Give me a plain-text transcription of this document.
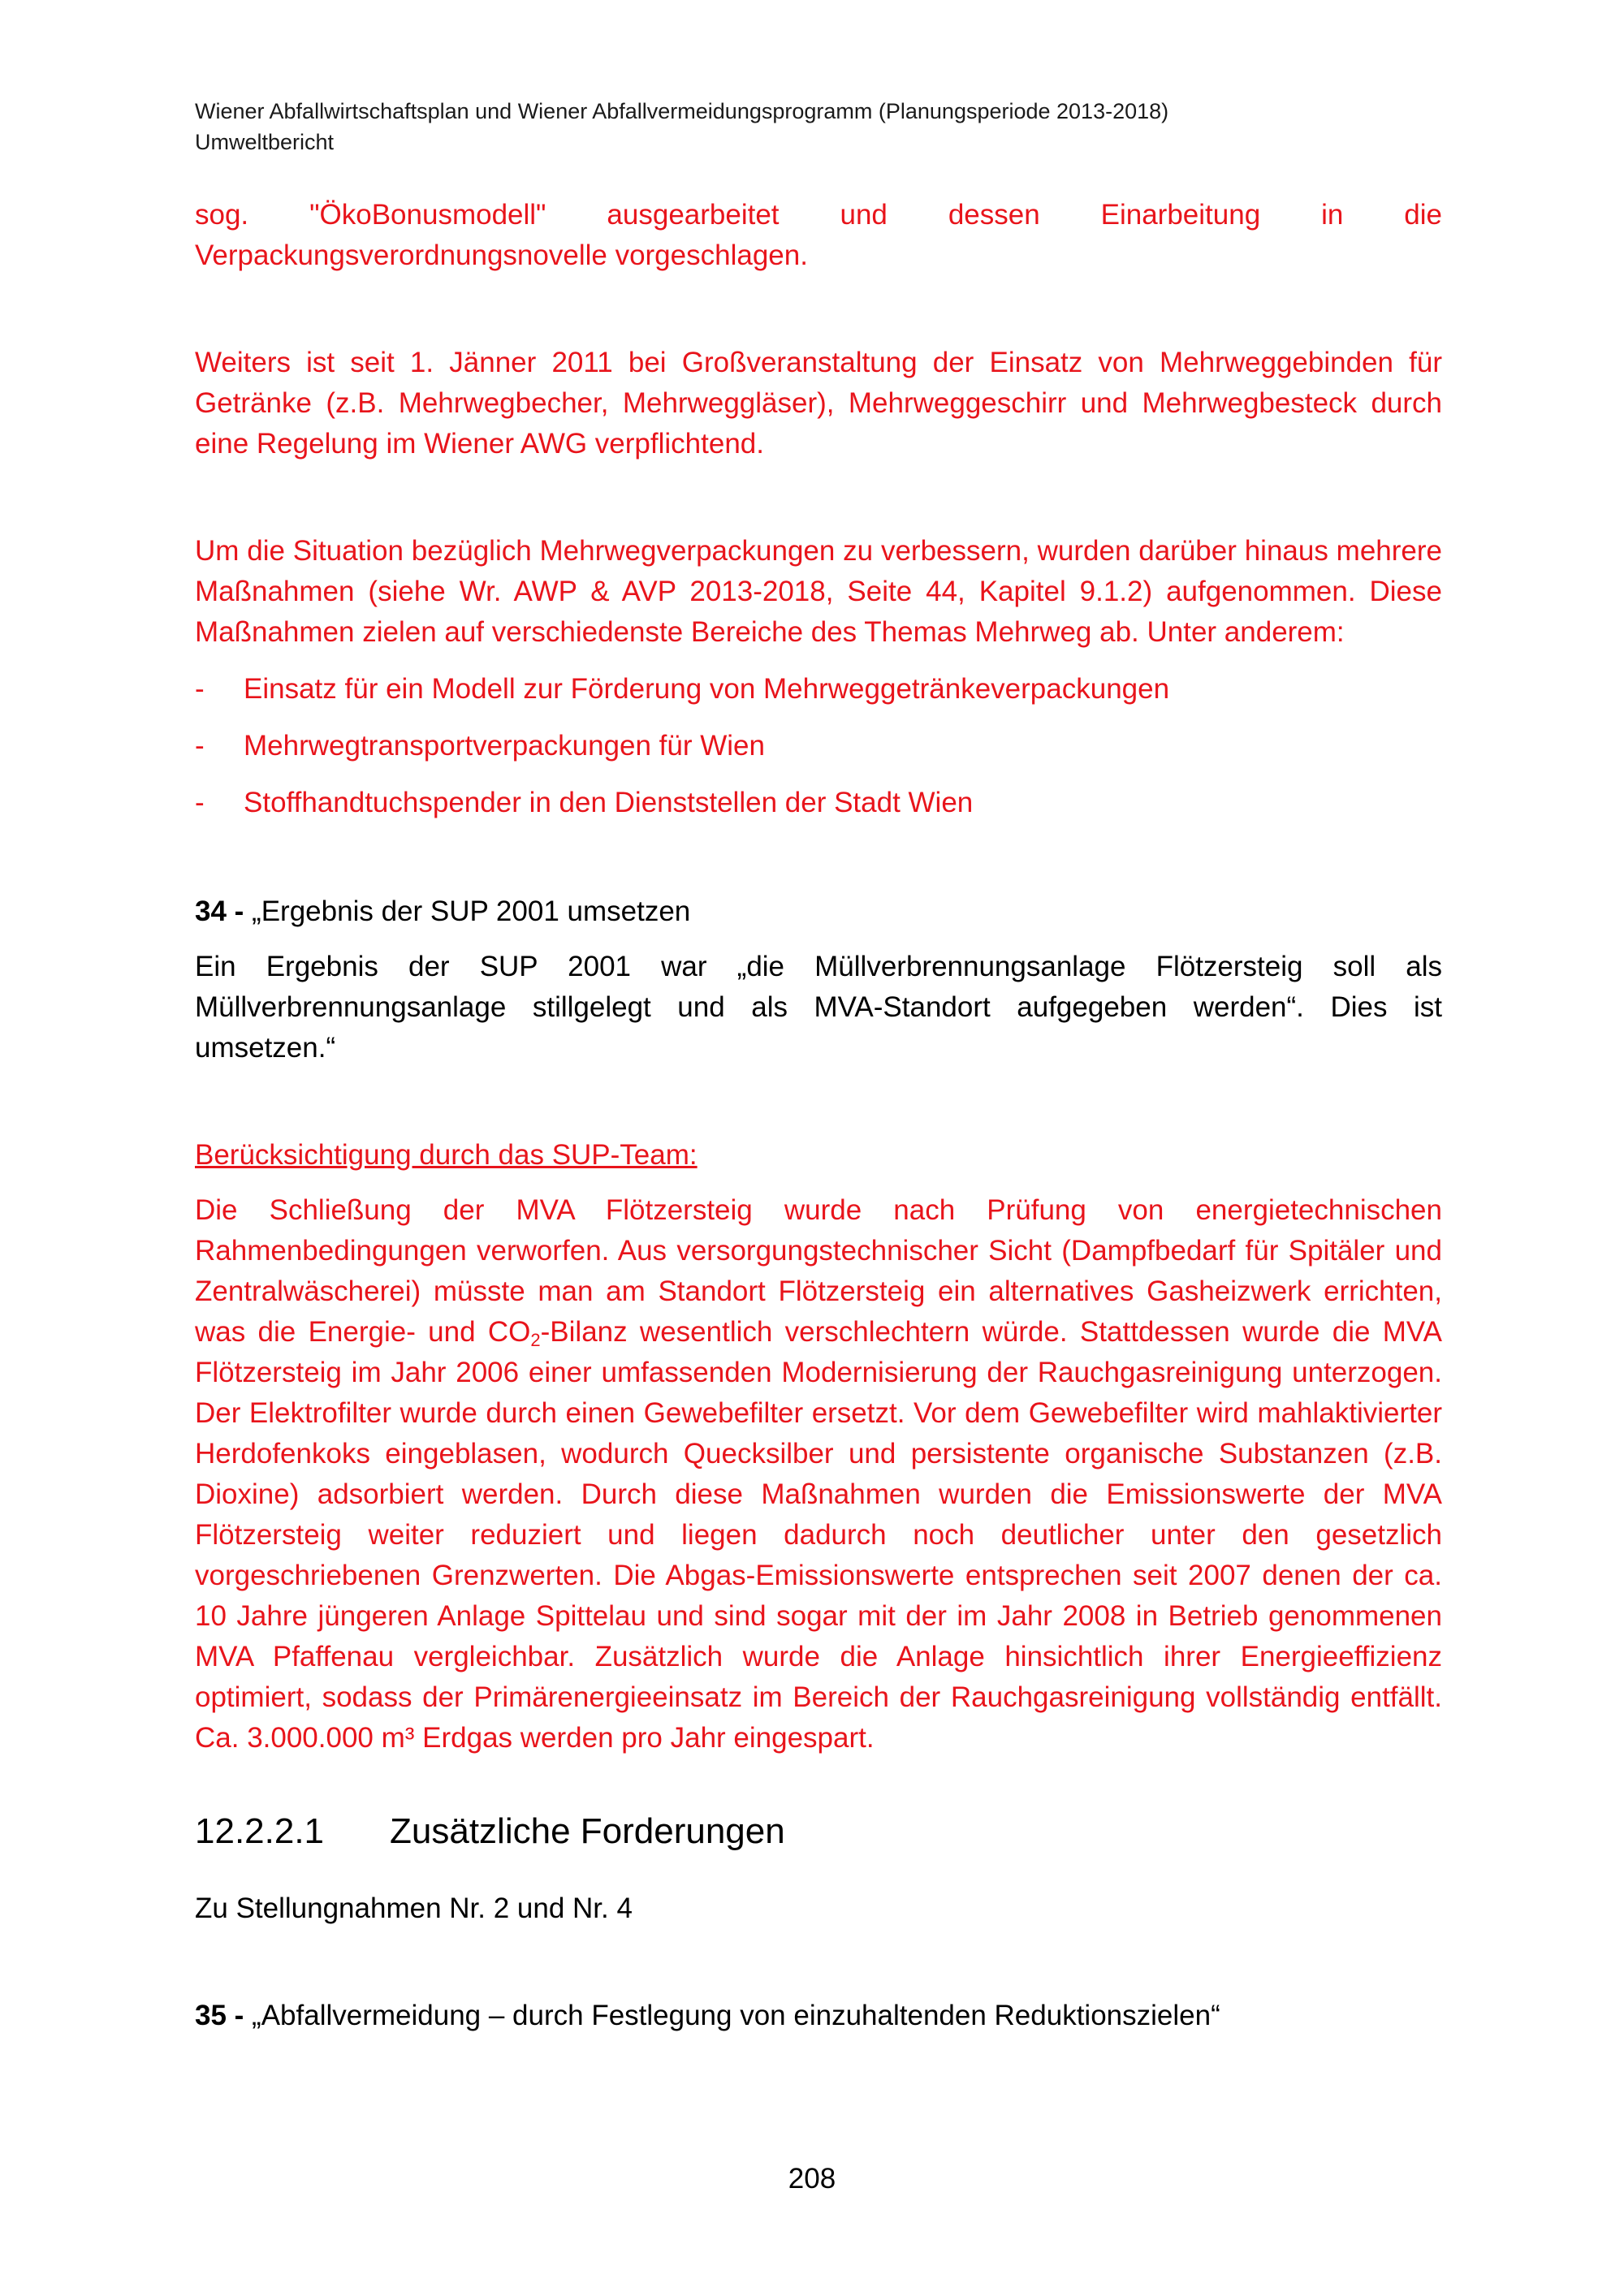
Wiener Abfallwirtschaftsplan und Wiener Abfallvermeidungsprogramm (Planungsperiode 2013-2018)
Umweltbericht

sog. "ÖkoBonusmodell" ausgearbeitet und dessen Einarbeitung in die Verpackungsverordnungsnovelle vorgeschlagen.

Weiters ist seit 1. Jänner 2011 bei Großveranstaltung der Einsatz von Mehrweggebinden für Getränke (z.B. Mehrwegbecher, Mehrweggläser), Mehrweggeschirr und Mehrwegbesteck durch eine Regelung im Wiener AWG verpflichtend.

Um die Situation bezüglich Mehrwegverpackungen zu verbessern, wurden darüber hinaus mehrere Maßnahmen (siehe Wr. AWP & AVP 2013-2018, Seite 44, Kapitel 9.1.2) aufgenommen. Diese Maßnahmen zielen auf verschiedenste Bereiche des Themas Mehrweg ab. Unter anderem:

-	Einsatz für ein Modell zur Förderung von Mehrweggetränkeverpackungen
-	Mehrwegtransportverpackungen für Wien
-	Stoffhandtuchspender in den Dienststellen der Stadt Wien

34 - „Ergebnis der SUP 2001 umsetzen

Ein Ergebnis der SUP 2001 war „die Müllverbrennungsanlage Flötzersteig soll als Müllverbrennungsanlage stillgelegt und als MVA-Standort aufgegeben werden“. Dies ist umsetzen.“

Berücksichtigung durch das SUP-Team:

Die Schließung der MVA Flötzersteig wurde nach Prüfung von energietechnischen Rahmenbedingungen verworfen. Aus versorgungstechnischer Sicht (Dampfbedarf für Spitäler und Zentralwäscherei) müsste man am Standort Flötzersteig ein alternatives Gasheizwerk errichten, was die Energie- und $CO_2$-Bilanz wesentlich verschlechtern würde. Stattdessen wurde die MVA Flötzersteig im Jahr 2006 einer umfassenden Modernisierung der Rauchgasreinigung unterzogen. Der Elektrofilter wurde durch einen Gewebefilter ersetzt. Vor dem Gewebefilter wird mahlaktivierter Herdofenkoks eingeblasen, wodurch Quecksilber und persistente organische Substanzen (z.B. Dioxine) adsorbiert werden. Durch diese Maßnahmen wurden die Emissionswerte der MVA Flötzersteig weiter reduziert und liegen dadurch noch deutlicher unter den gesetzlich vorgeschriebenen Grenzwerten. Die Abgas-Emissionswerte entsprechen seit 2007 denen der ca. 10 Jahre jüngeren Anlage Spittelau und sind sogar mit der im Jahr 2008 in Betrieb genommenen MVA Pfaffenau vergleichbar. Zusätzlich wurde die Anlage hinsichtlich ihrer Energieeffizienz optimiert, sodass der Primärenergieeinsatz im Bereich der Rauchgasreinigung vollständig entfällt. Ca. 3.000.000 m³ Erdgas werden pro Jahr eingespart.

12.2.2.1	Zusätzliche Forderungen

Zu Stellungnahmen Nr. 2 und Nr. 4

35 - „Abfallvermeidung – durch Festlegung von einzuhaltenden Reduktionszielen“

208
